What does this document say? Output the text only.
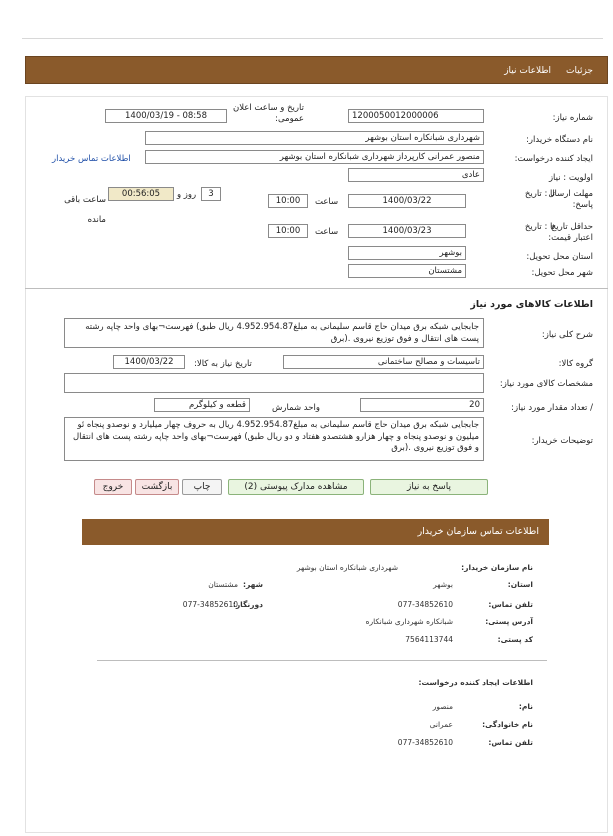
جزئیات
اطلاعات نیاز
شماره نیاز:
1200050012000006
تاریخ و ساعت اعلان عمومی:
1400/03/19 - 08:58
نام دستگاه خریدار:
شهرداری شبانکاره استان بوشهر
ایجاد کننده درخواست:
منصور عمرانی کارپرداز شهرداری شبانکاره استان بوشهر
اطلاعات تماس خریدار
اولویت : نیاز
عادی
مهلت ارسال پاسخ:
تا : تاریخ
1400/03/22
ساعت
10:00
3
روز و
00:56:05
ساعت باقی مانده
حداقل تاریخ اعتبار قیمت:
تا : تاریخ
1400/03/23
ساعت
10:00
استان محل تحویل:
بوشهر
شهر محل تحویل:
مشتستان
اطلاعات کالاهای مورد نیاز
شرح کلی نیاز:
جابجایی شبکه برق میدان حاج قاسم سلیمانی به مبلغ4.952.954.87 ریال طبق) فهرست¬بهای واحد چاپه رشته پست های انتقال و فوق توزیع نیروی .(برق
گروه کالا:
تاسیسات و مصالح ساختمانی
تاریخ نیاز به کالا:
1400/03/22
مشخصات کالای مورد نیاز:
/ تعداد مقدار مورد نیاز:
20
واحد شمارش
قطعه و کیلوگرم
توضیحات خریدار:
جابجایی شبکه برق میدان حاج قاسم سلیمانی به مبلغ4.952.954.87 ریال به حروف چهار میلیارد و نوصدو پنجاه ئو میلیون و نوصدو پنجاه و چهار هزارو هشتصدو هفتاد و دو ریال طبق) فهرست¬بهای واحد چاپه رشته پست های انتقال و فوق توزیع نیروی .(برق
پاسخ به نیاز
مشاهده مدارک پیوستی (2)
چاپ
بازگشت
خروج
اطلاعات تماس سازمان خریدار
نام سازمان خریدار:
شهرداری شبانکاره استان بوشهر
استان:
بوشهر
شهر:
مشتستان
تلفن تماس:
077-34852610
دورنگار:
077-34852610
آدرس پستی:
شبانکاره شهرداری شبانکاره
کد پستی:
7564113744
اطلاعات ایجاد کننده درخواست:
نام:
منصور
نام خانوادگی:
عمرانی
تلفن تماس:
077-34852610
